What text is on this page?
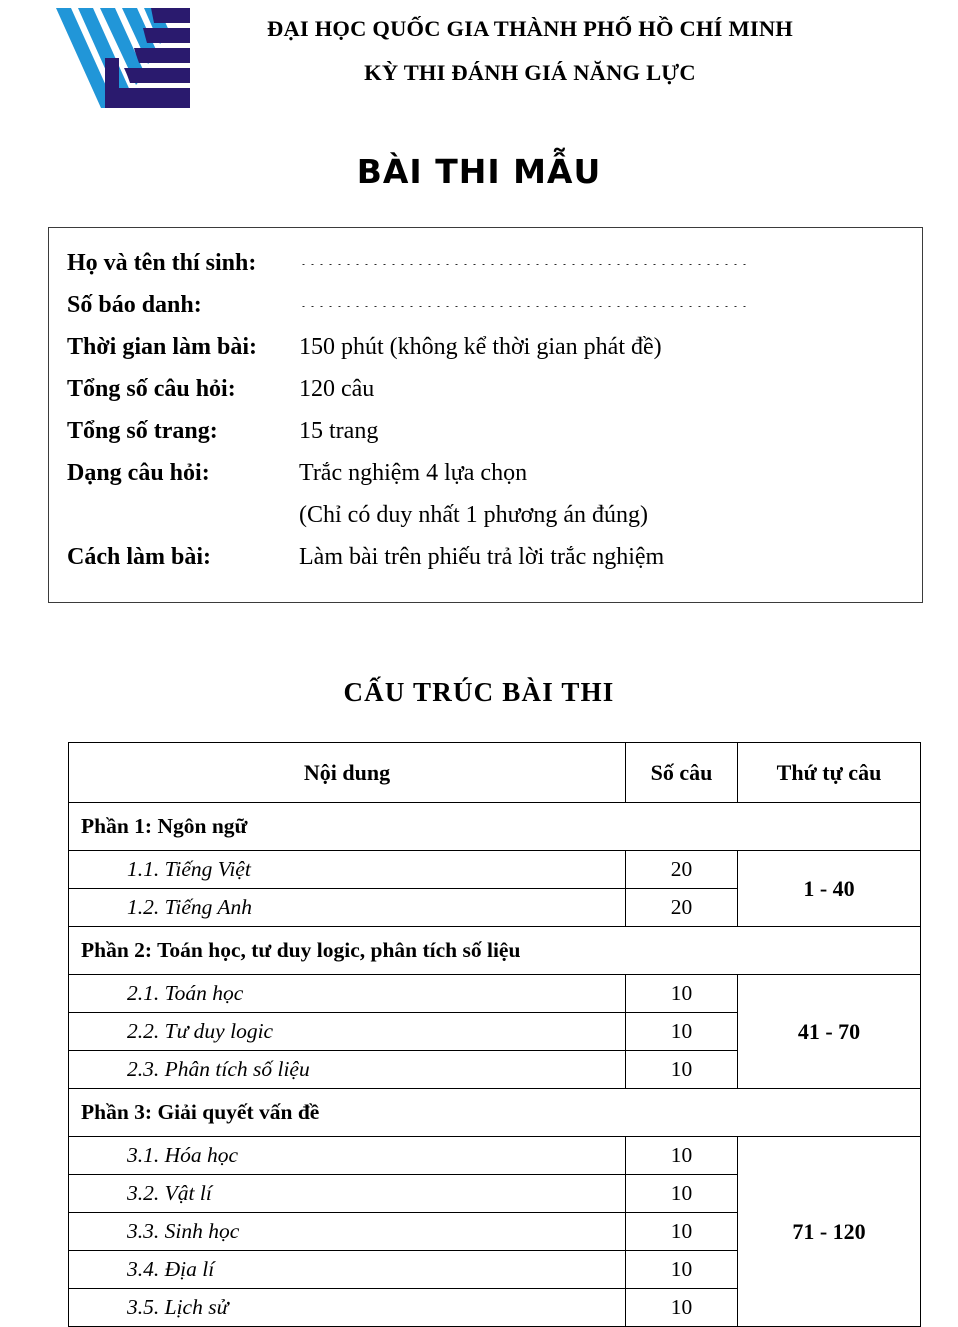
ĐẠI HỌC QUỐC GIA THÀNH PHỐ HỒ CHÍ MINH
KỲ THI ĐÁNH GIÁ NĂNG LỰC
BÀI THI MẪU
Họ và tên thí sinh:
Số báo danh:
Thời gian làm bài:	150 phút (không kể thời gian phát đề)
Tổng số câu hỏi:	120 câu
Tổng số trang:	15 trang
Dạng câu hỏi:	Trắc nghiệm 4 lựa chọn
(Chỉ có duy nhất 1 phương án đúng)
Cách làm bài:	Làm bài trên phiếu trả lời trắc nghiệm
CẤU TRÚC BÀI THI
Nội dung	Số câu	Thứ tự câu
Phần 1: Ngôn ngữ		
1.1. Tiếng Việt	20	1 - 40
1.2. Tiếng Anh	20	
Phần 2: Toán học, tư duy logic, phân tích số liệu		
2.1. Toán học	10	41 - 70
2.2. Tư duy logic	10	
2.3. Phân tích số liệu	10	
Phần 3: Giải quyết vấn đề		
3.1. Hóa học	10	71 - 120
3.2. Vật lí	10	
3.3. Sinh học	10	
3.4. Địa lí	10	
3.5. Lịch sử	10	
